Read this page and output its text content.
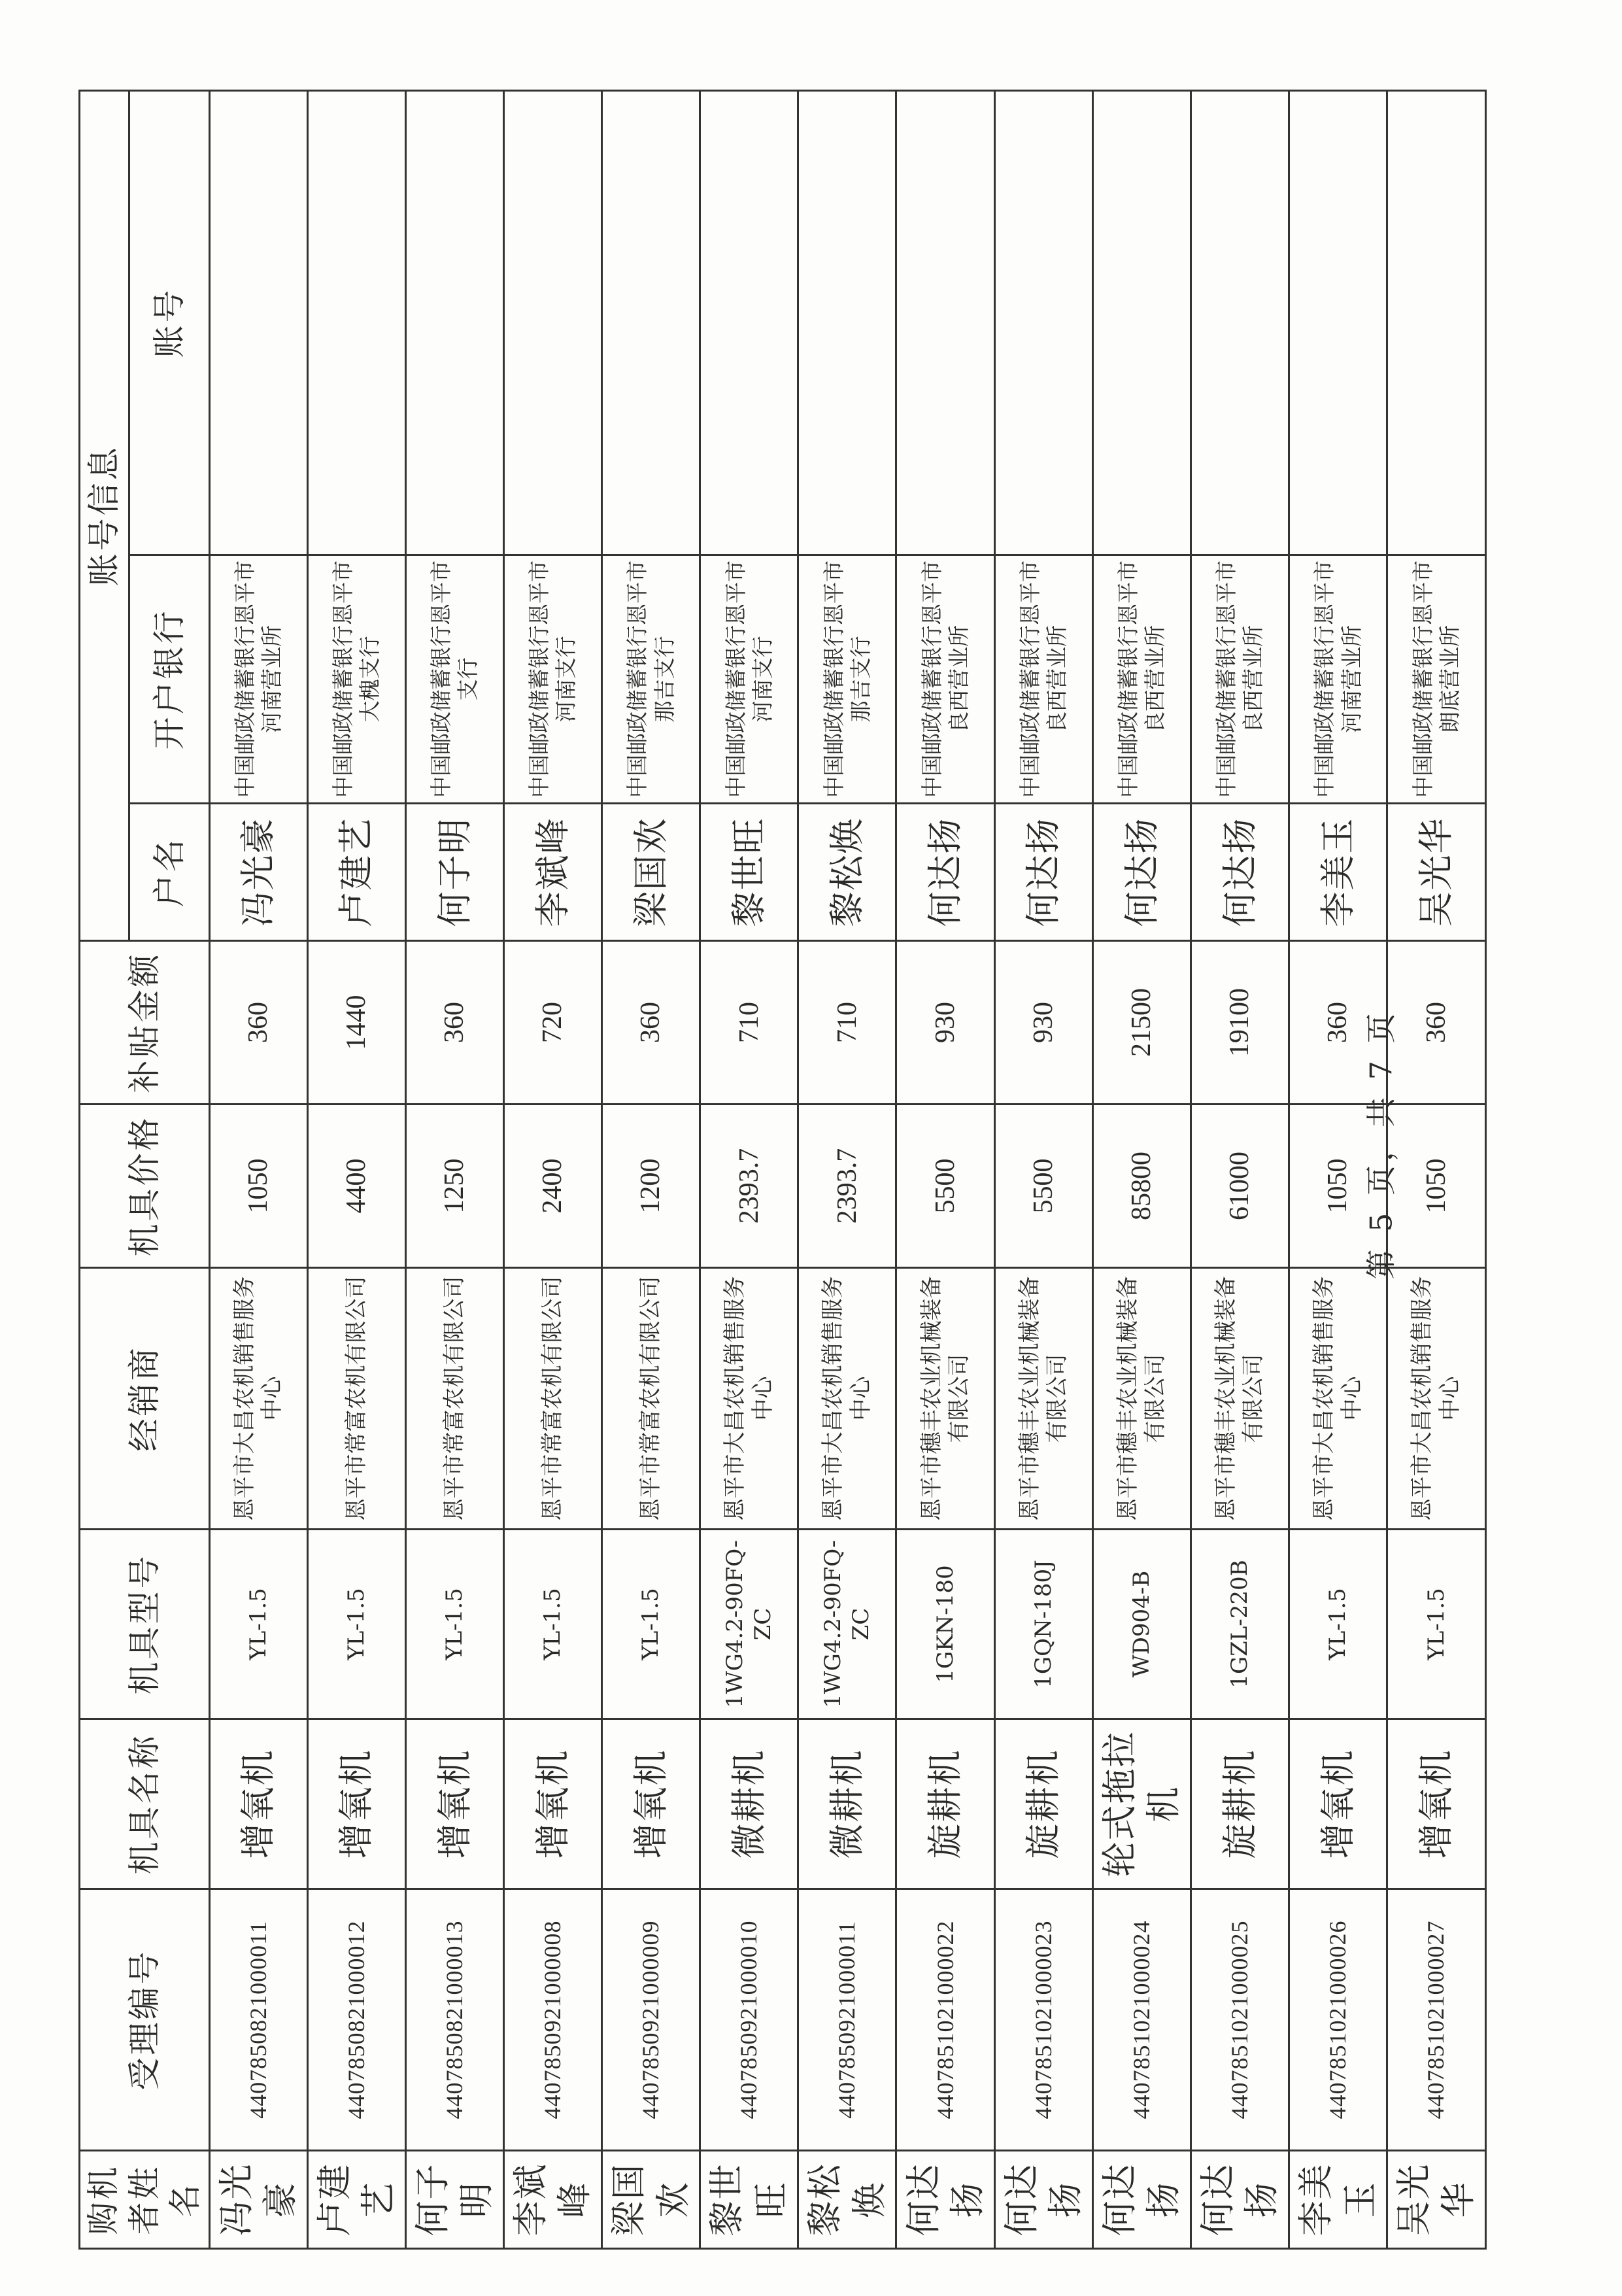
购机者姓名	受理编号	机具名称	机具型号	经销商	机具价格	补贴金额	账号信息		
							户名	开户银行	账号
冯光豪	440785082100001​1	增氧机	YL-1.5	恩平市大昌农机销售服务中心	1050	360	冯光豪	中国邮政储蓄银行恩平市河南营业所	
卢建艺	4407850821000012	增氧机	YL-1.5	恩平市常富农机有限公司	4400	1440	卢建艺	中国邮政储蓄银行恩平市大槐支行	
何子明	4407850821000013	增氧机	YL-1.5	恩平市常富农机有限公司	1250	360	何子明	中国邮政储蓄银行恩平市支行	
李斌峰	4407850921000008	增氧机	YL-1.5	恩平市常富农机有限公司	2400	720	李斌峰	中国邮政储蓄银行恩平市河南支行	
梁国欢	4407850921000009	增氧机	YL-1.5	恩平市常富农机有限公司	1200	360	梁国欢	中国邮政储蓄银行恩平市那吉支行	
黎世旺	4407850921000010	微耕机	1WG4.2-90FQ-ZC	恩平市大昌农机销售服务中心	2393.7	710	黎世旺	中国邮政储蓄银行恩平市河南支行	
黎松焕	4407850921000011	微耕机	1WG4.2-90FQ-ZC	恩平市大昌农机销售服务中心	2393.7	710	黎松焕	中国邮政储蓄银行恩平市那吉支行	
何达扬	4407851021000022	旋耕机	1GKN-180	恩平市穗丰农业机械装备有限公司	5500	930	何达扬	中国邮政储蓄银行恩平市良西营业所	
何达扬	4407851021000023	旋耕机	1GQN-180J	恩平市穗丰农业机械装备有限公司	5500	930	何达扬	中国邮政储蓄银行恩平市良西营业所	
何达扬	4407851021000024	轮式拖拉机	WD904-B	恩平市穗丰农业机械装备有限公司	85800	21500	何达扬	中国邮政储蓄银行恩平市良西营业所	
何达扬	4407851021000025	旋耕机	1GZL-220B	恩平市穗丰农业机械装备有限公司	61000	19100	何达扬	中国邮政储蓄银行恩平市良西营业所	
李美玉	4407851021000026	增氧机	YL-1.5	恩平市大昌农机销售服务中心	1050	360	李美玉	中国邮政储蓄银行恩平市河南营业所	
吴光华	4407851021000027	增氧机	YL-1.5	恩平市大昌农机销售服务中心	1050	360	吴光华	中国邮政储蓄银行恩平市朗底营业所	
第 5 页，共 7 页
